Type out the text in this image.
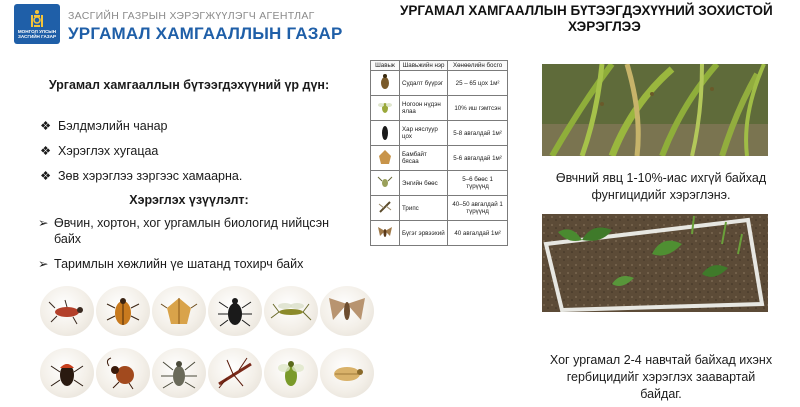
МОНГОЛ УЛСЫН ЗАСГИЙН ГАЗАР
ЗАСГИЙН ГАЗРЫН ХЭРЭГЖҮҮЛЭГЧ АГЕНТЛАГ
УРГАМАЛ ХАМГААЛЛЫН ГАЗАР
УРГАМАЛ ХАМГААЛЛЫН БҮТЭЭГДЭХҮҮНИЙ ЗОХИСТОЙ
ХЭРЭГЛЭЭ
Ургамал хамгааллын бүтээгдэхүүний үр дүн:
❖ Бэлдмэлийн чанар
❖ Хэрэглэх хугацаа
❖ Зөв хэрэглээ зэргээс хамаарна.
Хэрэглэх үзүүлэлт:
➢ Өвчин, хортон, хог ургамлын биологид нийцсэн байх
➢ Таримлын хөжлийн үе шатанд тохирч байх
Шавьж	Шавьжийн нэр	Хөнөөлийн босго
	Судалт бүүрэг	25 – 65 цох 1м²
	Ногоон нүдэн ялаа	10% иш гэмтсэн
	Хар няслуур цох	5-8 авгалдай 1м²
	Бамбайт бясаа	5-6 авгалдай 1м²
	Энгийн бөөс	5–6 бөөс 1 түрүүнд
	Трипс	40–50 авгалдай 1 түрүүнд
	Бүгэг эрвээхий	40 авгалдай 1м²
Өвчний явц 1-10%-иас ихгүй байхад фунгицидийг хэрэглэнэ.
Хог ургамал 2-4 навчтай байхад ихэнх гербицидийг хэрэглэх заавартай байдаг.
